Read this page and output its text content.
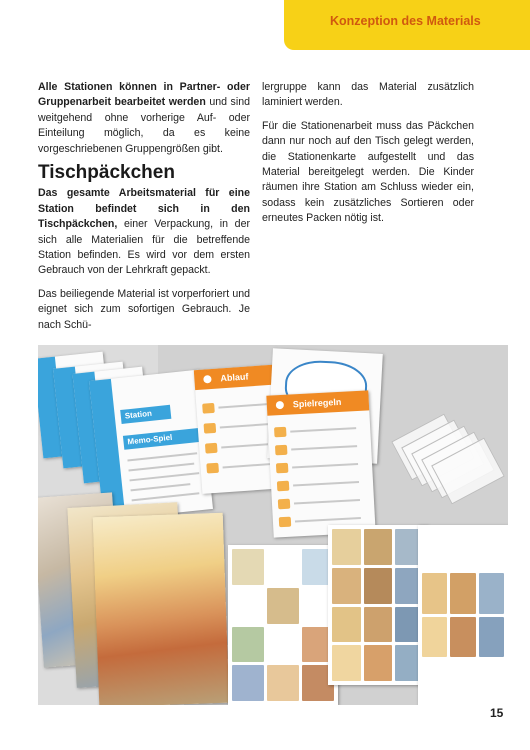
Konzeption des Materials

Alle Stationen können in Partner- oder Gruppenarbeit bearbeitet werden und sind weitgehend ohne vorherige Auf- oder Einteilung möglich, da es keine vorgeschriebenen Gruppengrößen gibt.

Tischpäckchen

Das gesamte Arbeitsmaterial für eine Station befindet sich in den Tischpäckchen, einer Verpackung, in der sich alle Materialien für die betreffende Station befinden. Es wird vor dem ersten Gebrauch von der Lehrkraft gepackt.

Das beiliegende Material ist vorperforiert und eignet sich zum sofortigen Gebrauch. Je nach Schü-

lergruppe kann das Material zusätzlich laminiert werden.

Für die Stationenarbeit muss das Päckchen dann nur noch auf den Tisch gelegt werden, die Stationenkarte aufgestellt und das Material bereitgelegt werden. Die Kinder räumen ihre Station am Schluss wieder ein, sodass kein zusätzliches Sortieren oder erneutes Packen nötig ist.

Station
Memo-Spiel
Ablauf
Spielregeln
15
